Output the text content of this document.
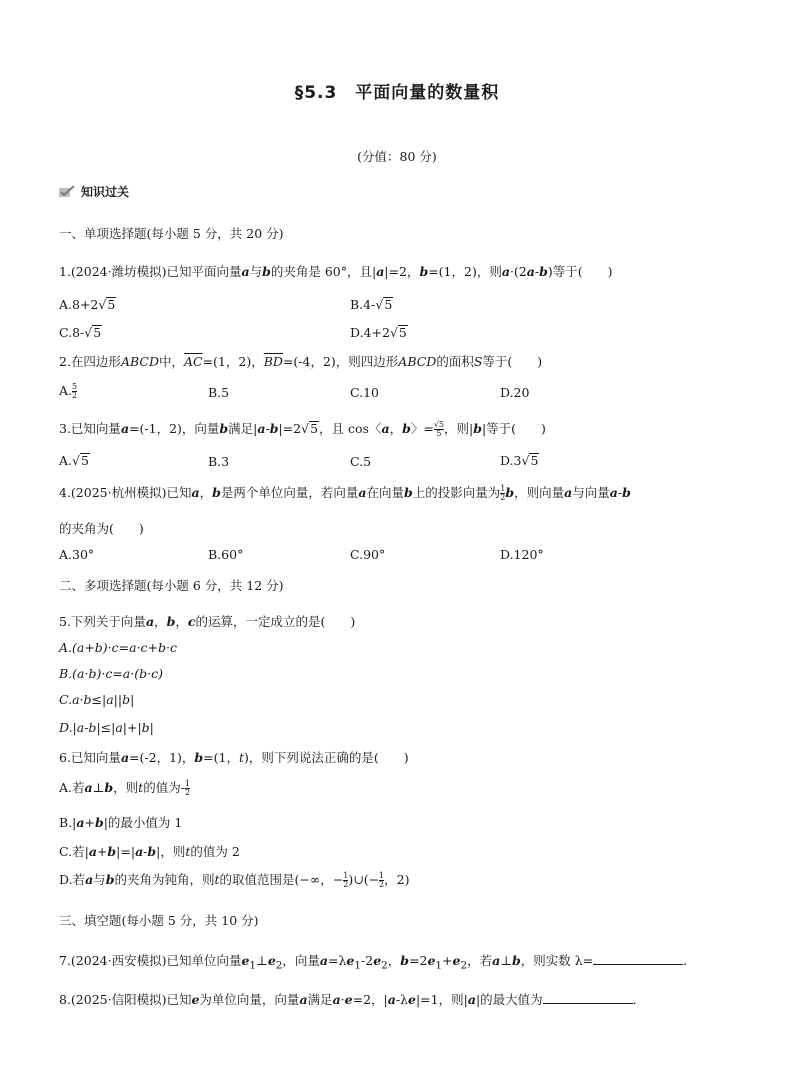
§5.3　平面向量的数量积
(分值：80 分)
知识过关
一、单项选择题(每小题 5 分，共 20 分)
1.(2024·潍坊模拟)已知平面向量a与b的夹角是 60°，且|a|=2，b=(1，2)，则a·(2a-b)等于(　　)
A.8+2√5	B.4-√5
C.8-√5	D.4+2√5
2.在四边形ABCD中，$\overline{AC}=(1$，2)，$\overline{BD}=(-4$，2)，则四边形ABCD的面积S等于(　　)
A. $\frac{5}{2}$	B.5	C.10	D.20
3.已知向量a=(-1，2)，向量b满足|a-b|=2√5，且 cos〈a，b〉= $\frac{√5}{5}$ ，则|b|等于(　　)
A.√5	B.3	C.5	D.3√5
4.(2025·杭州模拟)已知a，b是两个单位向量，若向量a在向量b上的投影向量为 $\frac{1}{2}$ b，则向量a与向量a-b
的夹角为(　　)
A.30°	B.60°	C.90°	D.120°
二、多项选择题(每小题 6 分，共 12 分)
5.下列关于向量a，b，c的运算，一定成立的是(　　)
A.(a+b)·c=a·c+b·c
B.(a·b)·c=a·(b·c)
C.a·b≤|a||b|
D.|a-b|≤|a|+|b|
6.已知向量a=(-2，1)，b=(1，t)，则下列说法正确的是(　　)
A.若a⊥b，则t的值为- $\frac{1}{2}$
B.|a+b|的最小值为 1
C.若|a+b|=|a-b|，则t的值为 2
D.若a与b的夹角为钝角，则t的取值范围是(−∞，− $\frac{1}{2}$ )∪(− $\frac{1}{2}$ ，2)
三、填空题(每小题 5 分，共 10 分)
7.(2024·西安模拟)已知单位向量$e_1\perp e_2$，向量$a=\lambda e_1-2e_2$，$b=2e_1+e_2$，若a⊥b，则实数 λ=	.
8.(2025·信阳模拟)已知e为单位向量，向量a满足a·e=2，|a-λe|=1，则|a|的最大值为	.
